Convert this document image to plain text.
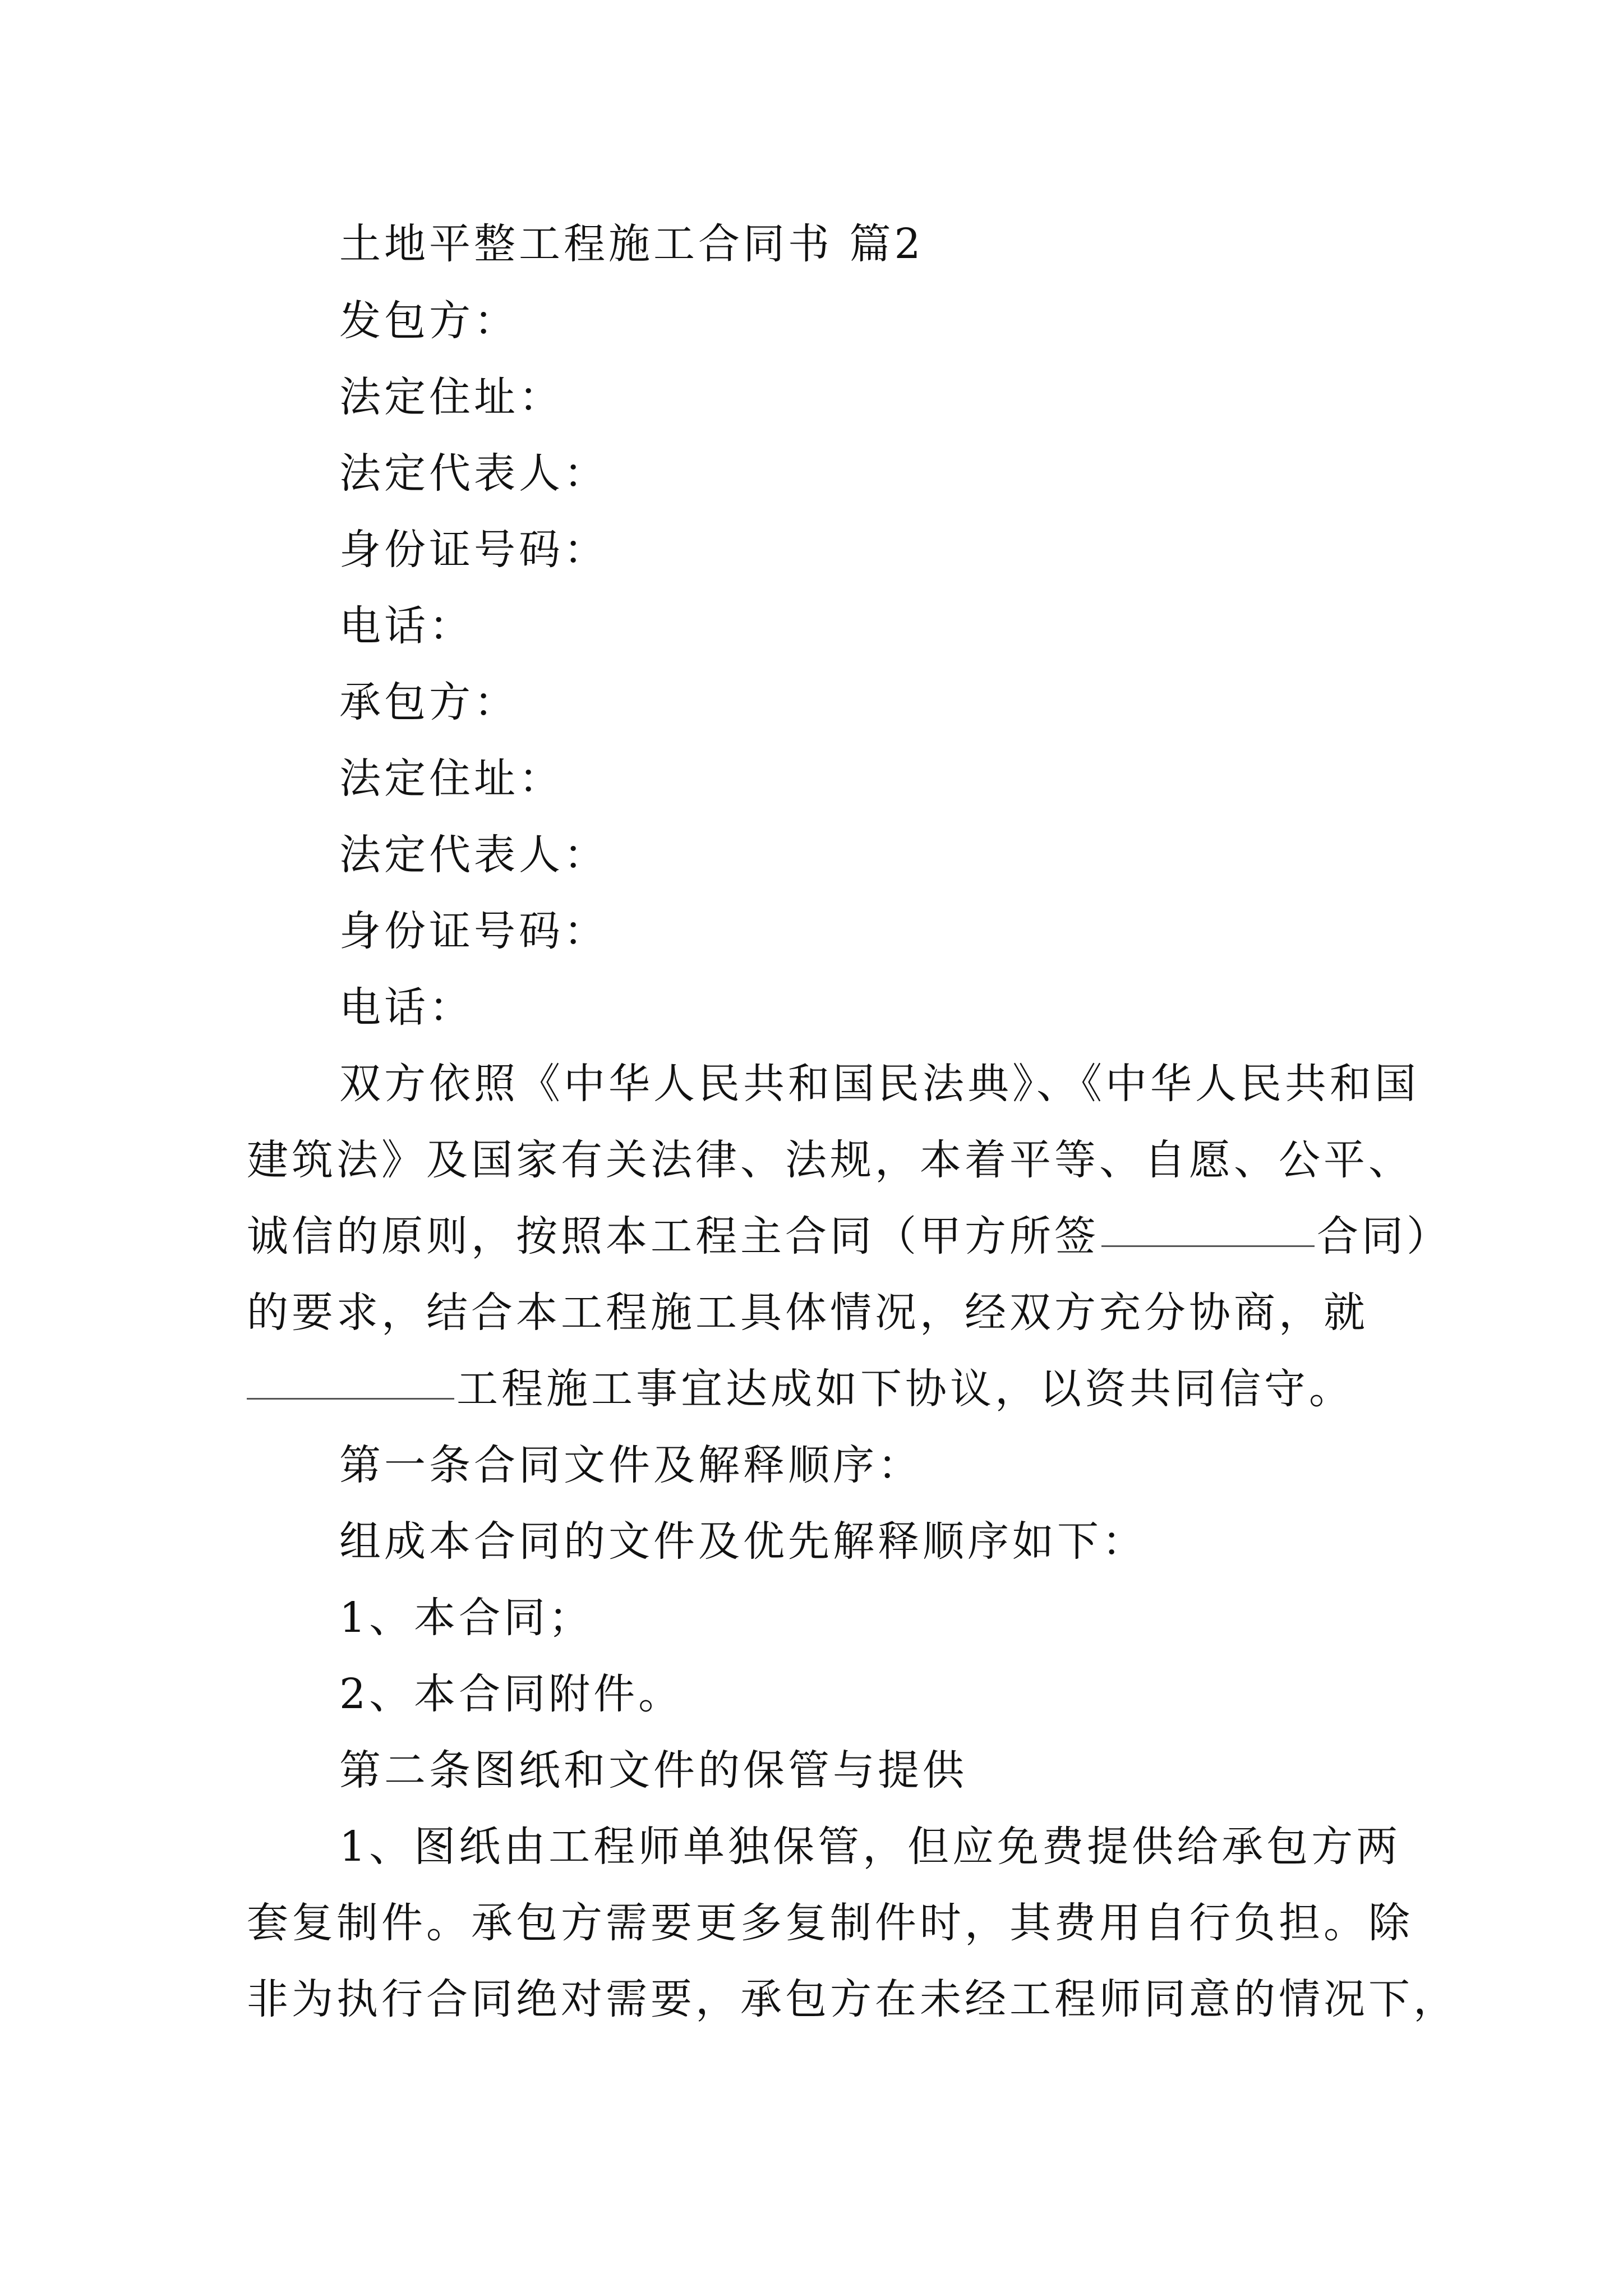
土地平整工程施工合同书 篇2
发包方：
法定住址：
法定代表人：
身份证号码：
电话：
承包方：
法定住址：
法定代表人：
身份证号码：
电话：
双方依照《中华人民共和国民法典》、《中华人民共和国
建筑法》及国家有关法律、法规，本着平等、自愿、公平、
诚信的原则，按照本工程主合同（甲方所签	合同）
的要求，结合本工程施工具体情况，经双方充分协商，就
工程施工事宜达成如下协议，以资共同信守。
第一条合同文件及解释顺序：
组成本合同的文件及优先解释顺序如下：
1、本合同；
2、本合同附件。
第二条图纸和文件的保管与提供
1、图纸由工程师单独保管，但应免费提供给承包方两
套复制件。承包方需要更多复制件时，其费用自行负担。除
非为执行合同绝对需要，承包方在未经工程师同意的情况下，
